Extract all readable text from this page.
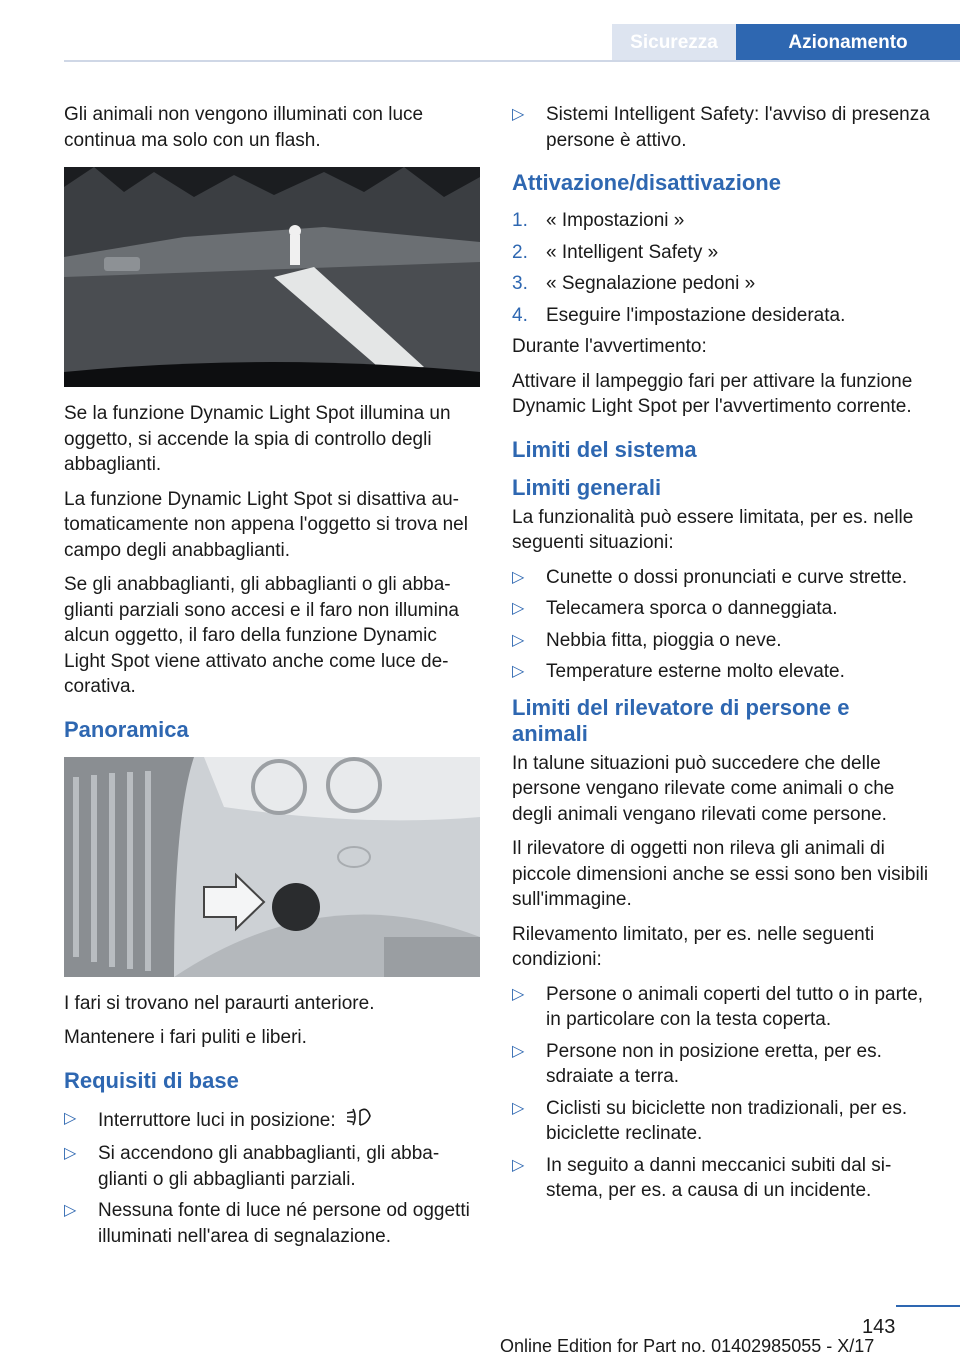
Sicurezza	Azionamento

Gli animali non vengono illuminati con luce continua ma solo con un flash.

Se la funzione Dynamic Light Spot illumina un oggetto, si accende la spia di controllo degli abbaglianti.

La funzione Dynamic Light Spot si disattiva automaticamente non appena l'oggetto si trova nel campo degli anabbaglianti.

Se gli anabbaglianti, gli abbaglianti o gli abbaglianti parziali sono accesi e il faro non illumina alcun oggetto, il faro della funzione Dynamic Light Spot viene attivato anche come luce decorativa.

Panoramica

I fari si trovano nel paraurti anteriore.

Mantenere i fari puliti e liberi.

Requisiti di base
▷ Interruttore luci in posizione:
▷ Si accendono gli anabbaglianti, gli abbaglianti o gli abbaglianti parziali.
▷ Nessuna fonte di luce né persone od oggetti illuminati nell'area di segnalazione.
▷ Sistemi Intelligent Safety: l'avviso di presenza persone è attivo.
Attivazione/disattivazione
1. « Impostazioni »
2. « Intelligent Safety »
3. « Segnalazione pedoni »
4. Eseguire l'impostazione desiderata.

Durante l'avvertimento:

Attivare il lampeggio fari per attivare la funzione Dynamic Light Spot per l'avvertimento corrente.

Limiti del sistema
Limiti generali

La funzionalità può essere limitata, per es. nelle seguenti situazioni:

▷ Cunette o dossi pronunciati e curve strette.
▷ Telecamera sporca o danneggiata.
▷ Nebbia fitta, pioggia o neve.
▷ Temperature esterne molto elevate.
Limiti del rilevatore di persone e animali

In talune situazioni può succedere che delle persone vengano rilevate come animali o che degli animali vengano rilevati come persone.

Il rilevatore di oggetti non rileva gli animali di piccole dimensioni anche se essi sono ben visibili sull'immagine.

Rilevamento limitato, per es. nelle seguenti condizioni:

▷ Persone o animali coperti del tutto o in parte, in particolare con la testa coperta.
▷ Persone non in posizione eretta, per es. sdraiate a terra.
▷ Ciclisti su biciclette non tradizionali, per es. biciclette reclinate.
▷ In seguito a danni meccanici subiti dal sistema, per es. a causa di un incidente.
143
Online Edition for Part no. 01402985055 - X/17
